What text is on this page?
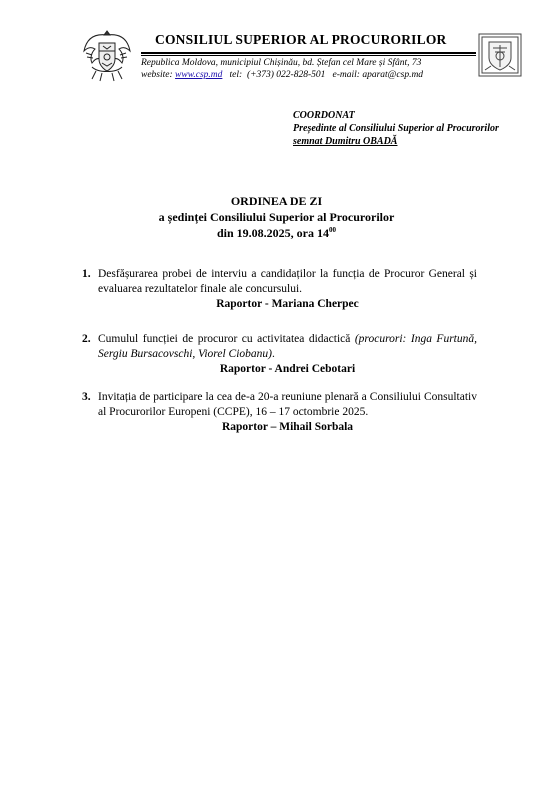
CONSILIUL SUPERIOR AL PROCURORILOR
Republica Moldova, municipiul Chișinău, bd. Ștefan cel Mare și Sfânt, 73
website: www.csp.md tel: (+373) 022-828-501 e-mail: aparat@csp.md
COORDONAT
Președinte al Consiliului Superior al Procurorilor
semnat Dumitru OBADĂ
ORDINEA DE ZI
a ședinței Consiliului Superior al Procurorilor
din 19.08.2025, ora $14^{00}$
1. Desfășurarea probei de interviu a candidaților la funcția de Procuror General și evaluarea rezultatelor finale ale concursului.
Raportor - Mariana Cherpec
2. Cumulul funcției de procuror cu activitatea didactică (procurori: Inga Furtună, Sergiu Bursacovschi, Viorel Ciobanu).
Raportor - Andrei Cebotari
3. Invitația de participare la cea de-a 20-a reuniune plenară a Consiliului Consultativ al Procurorilor Europeni (CCPE), 16 – 17 octombrie 2025.
Raportor – Mihail Sorbala
